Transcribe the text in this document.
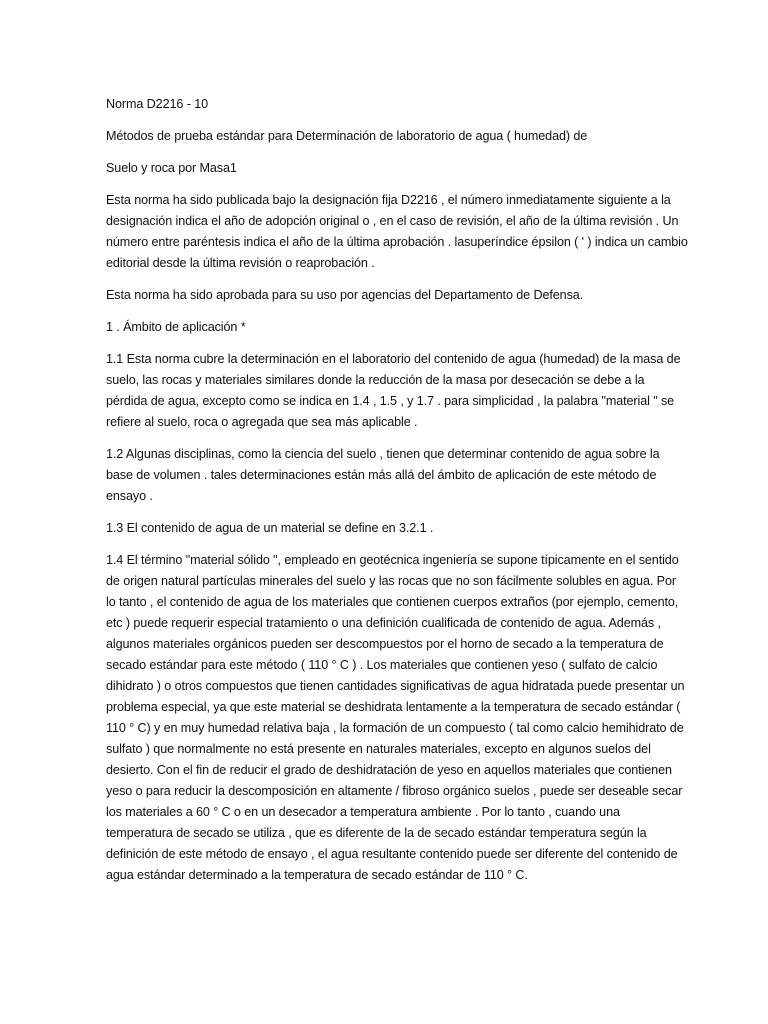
Norma D2216 - 10

Métodos de prueba estándar para Determinación de laboratorio de agua ( humedad) de

Suelo y roca por Masa1

Esta norma ha sido publicada bajo la designación fija D2216 , el número inmediatamente siguiente a la designación indica el año de adopción original o , en el caso de revisión, el año de la última revisión . Un número entre paréntesis indica el año de la última aprobación . lasuperíndice épsilon ( ' ) indica un cambio editorial desde la última revisión o reaprobación .

Esta norma ha sido aprobada para su uso por agencias del Departamento de Defensa.

1 . Ámbito de aplicación *

1.1 Esta norma cubre la determinación en el laboratorio del contenido de agua (humedad) de la masa de suelo, las rocas y materiales similares donde la reducción de la masa por desecación se debe a la pérdida de agua, excepto como se indica en 1.4 , 1.5 , y 1.7 . para simplicidad , la palabra "material " se refiere al suelo, roca o agregada que sea más aplicable .

1.2 Algunas disciplinas, como la ciencia del suelo , tienen que determinar contenido de agua sobre la base de volumen . tales determinaciones están más allá del ámbito de aplicación de este método de ensayo .

1.3 El contenido de agua de un material se define en 3.2.1 .

1.4 El término "material sólido ", empleado en geotécnica ingeniería se supone típicamente en el sentido de origen natural partículas minerales del suelo y las rocas que no son fácilmente solubles en agua. Por lo tanto , el contenido de agua de los materiales que contienen cuerpos extraños (por ejemplo, cemento, etc ) puede requerir especial tratamiento o una definición cualificada de contenido de agua. Además , algunos materiales orgánicos pueden ser descompuestos por el horno de secado a la temperatura de secado estándar para este método ( 110 ° C ) . Los materiales que contienen yeso ( sulfato de calcio dihidrato ) o otros compuestos que tienen cantidades significativas de agua hidratada puede presentar un problema especial, ya que este material se deshidrata lentamente a la temperatura de secado estándar ( 110 ° C) y en muy humedad relativa baja , la formación de un compuesto ( tal como calcio hemihidrato de sulfato ) que normalmente no está presente en naturales materiales, excepto en algunos suelos del desierto. Con el fin de reducir el grado de deshidratación de yeso en aquellos materiales que contienen yeso o para reducir la descomposición en altamente / fibroso orgánico suelos , puede ser deseable secar los materiales a 60 ° C o en un desecador a temperatura ambiente . Por lo tanto , cuando una temperatura de secado se utiliza , que es diferente de la de secado estándar temperatura según la definición de este método de ensayo , el agua resultante contenido puede ser diferente del contenido de agua estándar determinado a la temperatura de secado estándar de 110 ° C.
